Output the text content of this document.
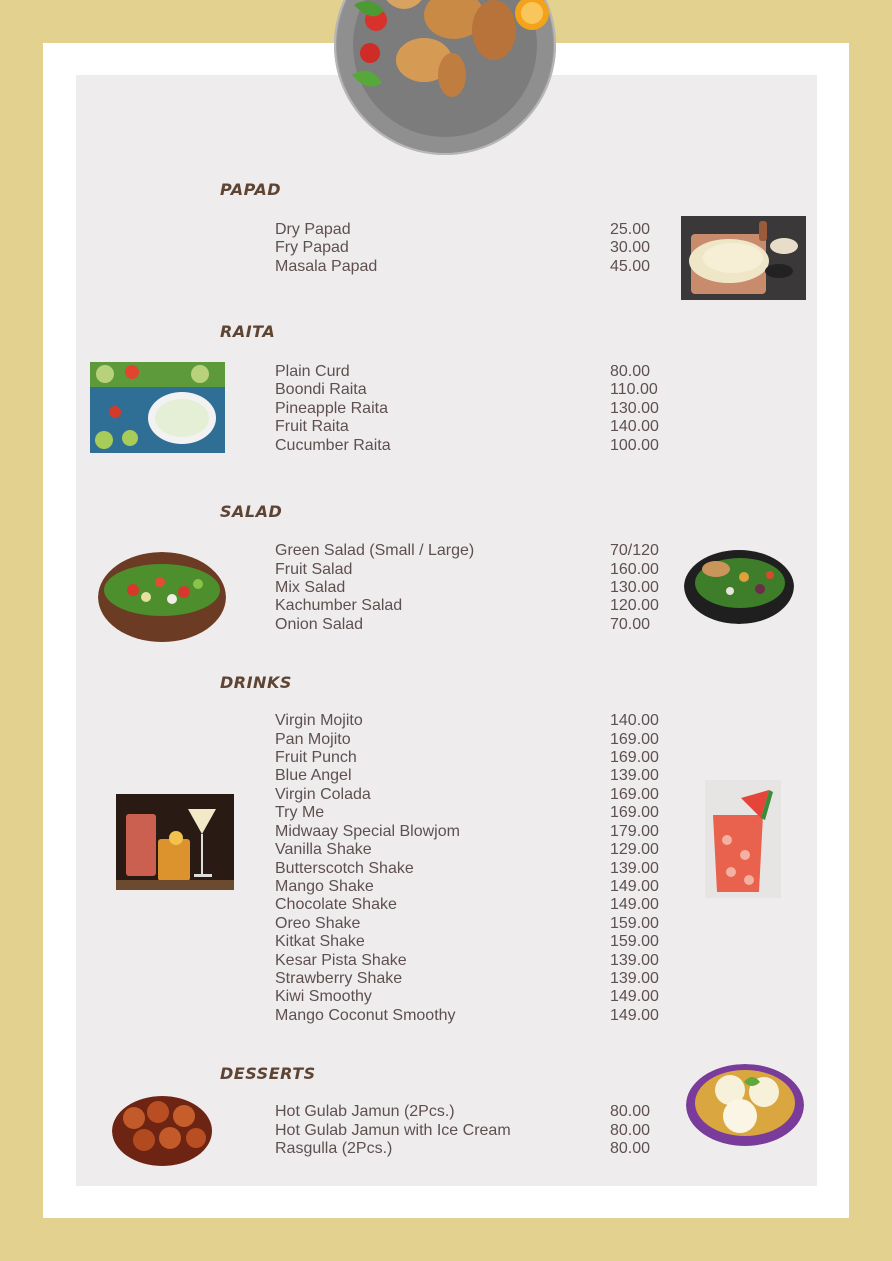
PAPAD
RAITA
SALAD
DRINKS
DESSERTS
Dry Papad	25.00
Fry Papad	30.00
Masala Papad	45.00
Plain Curd	80.00
Boondi Raita	110.00
Pineapple Raita	130.00
Fruit Raita	140.00
Cucumber Raita	100.00
Green Salad (Small / Large)	70/120
Fruit Salad	160.00
Mix Salad	130.00
Kachumber Salad	120.00
Onion Salad	70.00
Virgin Mojito	140.00
Pan Mojito	169.00
Fruit Punch	169.00
Blue Angel	139.00
Virgin Colada	169.00
Try Me	169.00
Midwaay Special Blowjom	179.00
Vanilla Shake	129.00
Butterscotch Shake	139.00
Mango Shake	149.00
Chocolate Shake	149.00
Oreo Shake	159.00
Kitkat Shake	159.00
Kesar Pista Shake	139.00
Strawberry Shake	139.00
Kiwi Smoothy	149.00
Mango Coconut Smoothy	149.00
Hot Gulab Jamun (2Pcs.)	80.00
Hot Gulab Jamun with Ice Cream	80.00
Rasgulla (2Pcs.)	80.00
